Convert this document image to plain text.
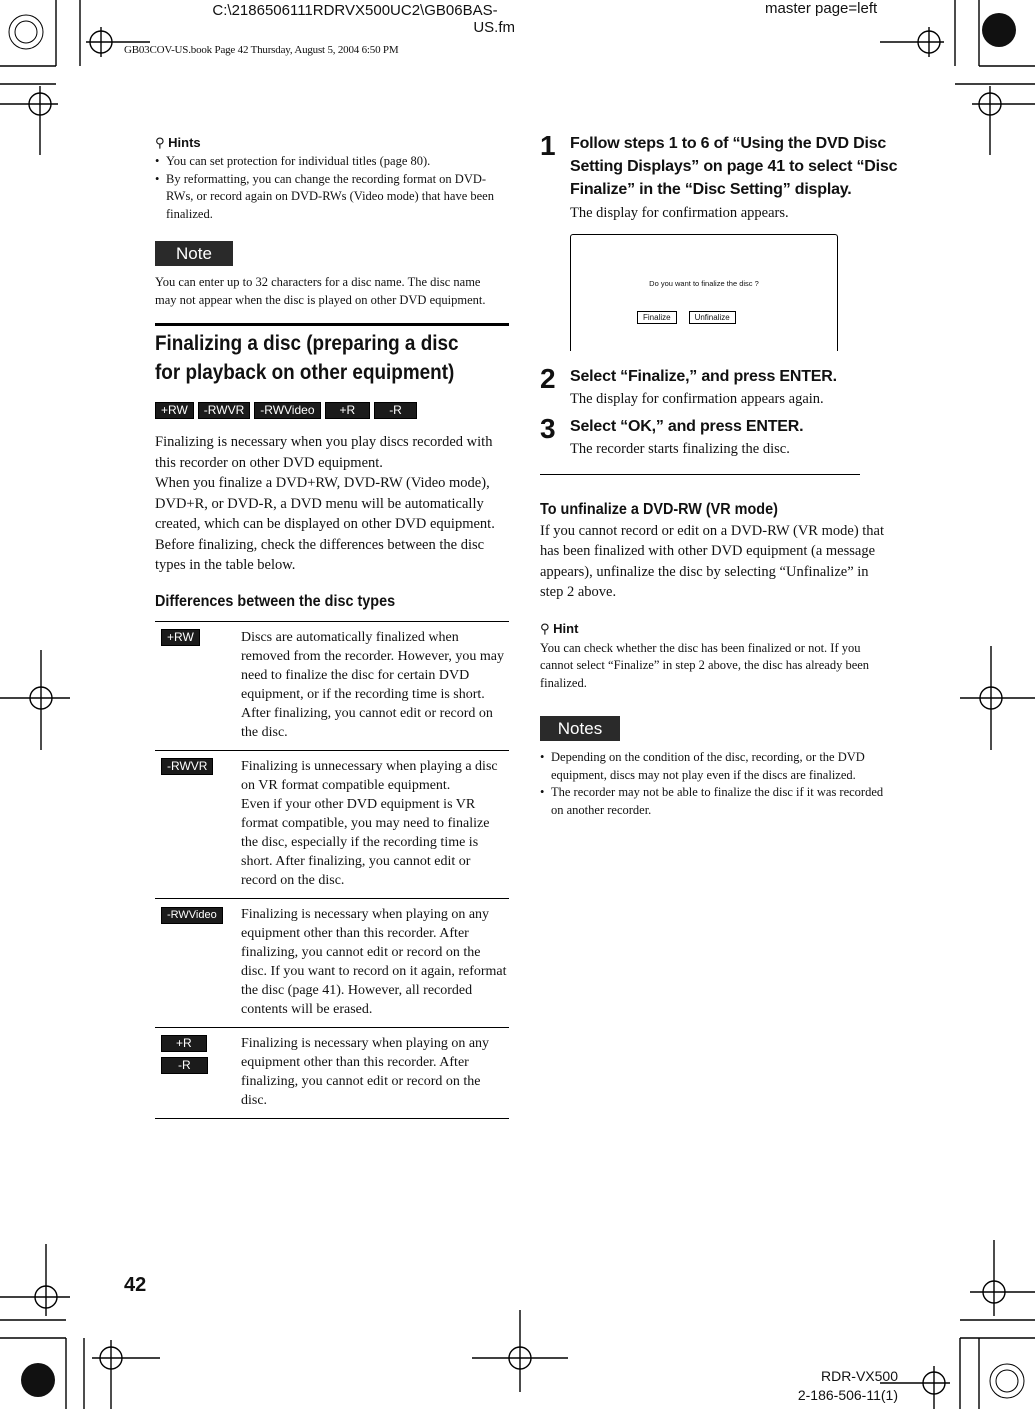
C:\2186506111RDRVX500UC2\GB06BAS-
US.fm
master page=left
GB03COV-US.book Page 42 Thursday, August 5, 2004 6:50 PM
⚲ Hints
• You can set protection for individual titles (page 80).
• By reformatting, you can change the recording format on DVD-RWs, or record again on DVD-RWs (Video mode) that have been finalized.
Note
You can enter up to 32 characters for a disc name. The disc name may not appear when the disc is played on other DVD equipment.
Finalizing a disc (preparing a disc
for playback on other equipment)
+RW -RWVR -RWVideo +R	-R
Finalizing is necessary when you play discs recorded with this recorder on other DVD equipment.
When you finalize a DVD+RW, DVD-RW (Video mode), DVD+R, or DVD-R, a DVD menu will be automatically created, which can be displayed on other DVD equipment.
Before finalizing, check the differences between the disc types in the table below.
Differences between the disc types
+RW	Discs are automatically finalized when removed from the recorder. However, you may need to finalize the disc for certain DVD equipment, or if the recording time is short. After finalizing, you cannot edit or record on the disc.
-RWVR	Finalizing is unnecessary when playing a disc on VR format compatible equipment.
Even if your other DVD equipment is VR format compatible, you may need to finalize the disc, especially if the recording time is short. After finalizing, you cannot edit or record on the disc.
-RWVideo	Finalizing is necessary when playing on any equipment other than this recorder. After finalizing, you cannot edit or record on the disc. If you want to record on it again, reformat the disc (page 41). However, all recorded contents will be erased.

+R
-R	Finalizing is necessary when playing on any equipment other than this recorder. After finalizing, you cannot edit or record on the disc.
1 Follow steps 1 to 6 of “Using the DVD Disc Setting Displays” on page 41 to select “Disc Finalize” in the “Disc Setting” display.
The display for confirmation appears.
Do you want to finalize the disc ?
Finalize	Unfinalize
2 Select “Finalize,” and press ENTER.
The display for confirmation appears again.
3 Select “OK,” and press ENTER.
The recorder starts finalizing the disc.
To unfinalize a DVD-RW (VR mode)
If you cannot record or edit on a DVD-RW (VR mode) that has been finalized with other DVD equipment (a message appears), unfinalize the disc by selecting “Unfinalize” in step 2 above.
⚲ Hint
You can check whether the disc has been finalized or not. If you cannot select “Finalize” in step 2 above, the disc has already been finalized.
Notes
• Depending on the condition of the disc, recording, or the DVD equipment, discs may not play even if the discs are finalized.
• The recorder may not be able to finalize the disc if it was recorded on another recorder.
42
RDR-VX500
2-186-506-11(1)
